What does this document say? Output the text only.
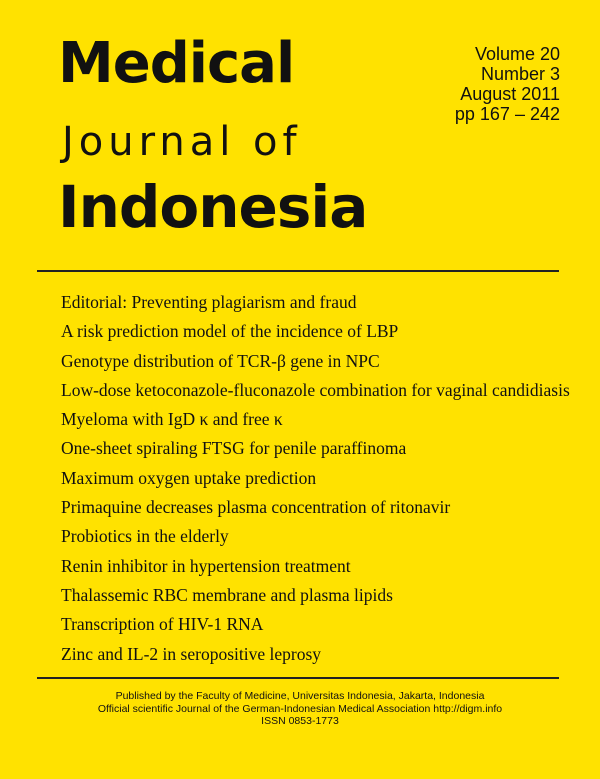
Medical
Journal of
Indonesia
Volume 20
Number 3
August 2011
pp 167 – 242
Editorial: Preventing plagiarism and fraud
A risk prediction model of the incidence of LBP
Genotype distribution of TCR-β gene in NPC
Low-dose ketoconazole-fluconazole combination for vaginal candidiasis
Myeloma with IgD κ and free κ
One-sheet spiraling FTSG for penile paraffinoma
Maximum oxygen uptake prediction
Primaquine decreases plasma concentration of ritonavir
Probiotics in the elderly
Renin inhibitor in hypertension treatment
Thalassemic RBC membrane and plasma lipids
Transcription of HIV-1 RNA
Zinc and IL-2 in seropositive leprosy
Published by the Faculty of Medicine, Universitas Indonesia, Jakarta, Indonesia
Official scientific Journal of the German-Indonesian Medical Association http://digm.info
ISSN 0853-1773
